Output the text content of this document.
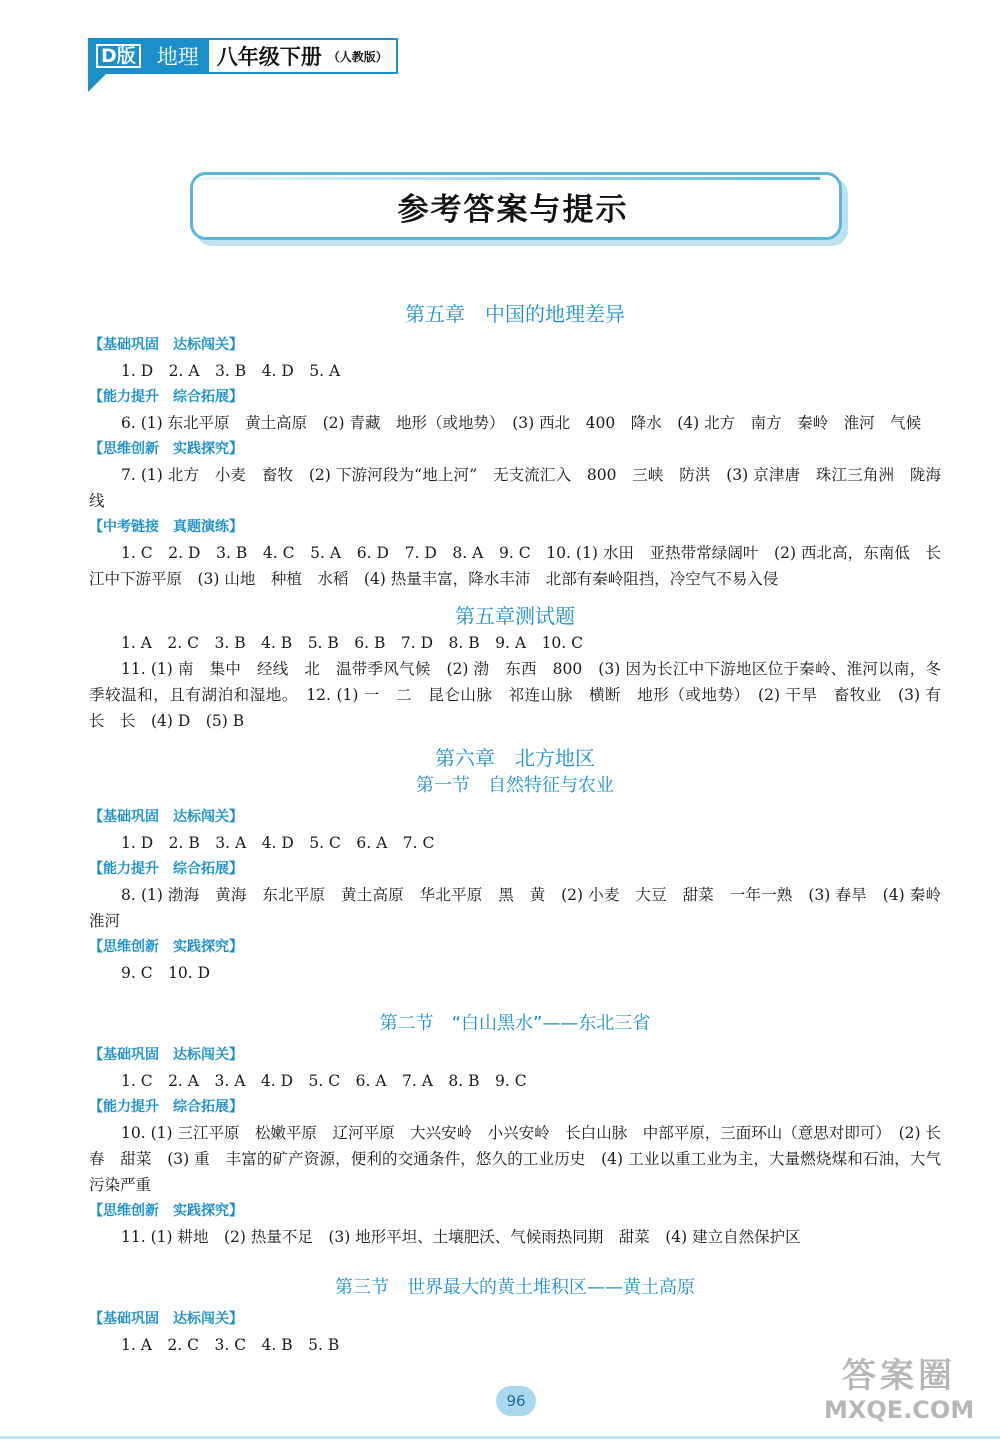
D版	地理 八年级下册 （人教版）
参考答案与提示
第五章　中国的地理差异
【基础巩固　达标闯关】
1. D　2. A　3. B　4. D　5. A
【能力提升　综合拓展】
6. (1) 东北平原　黄土高原　(2) 青藏　地形（或地势）　(3) 西北　400　降水　(4) 北方　南方　秦岭　淮河　气候
【思维创新　实践探究】
7. (1) 北方　小麦　畜牧　(2) 下游河段为“地上河”　无支流汇入　800　三峡　防洪　(3) 京津唐　珠江三角洲　陇海线
【中考链接　真题演练】
1. C　2. D　3. B　4. C　5. A　6. D　7. D　8. A　9. C　10. (1) 水田　亚热带常绿阔叶　(2) 西北高，东南低　长江中下游平原　(3) 山地　种植　水稻　(4) 热量丰富，降水丰沛　北部有秦岭阻挡，冷空气不易入侵
第五章测试题
1. A　2. C　3. B　4. B　5. B　6. B　7. D　8. B　9. A　10. C
11. (1) 南　集中　经线　北　温带季风气候　(2) 渤　东西　800　(3) 因为长江中下游地区位于秦岭、淮河以南，冬季较温和，且有湖泊和湿地。　12. (1) 一　二　昆仑山脉　祁连山脉　横断　地形（或地势）　(2) 干旱　畜牧业　(3) 有　长　长　(4) D　(5) B
第六章　北方地区
第一节　自然特征与农业
【基础巩固　达标闯关】
1. D　2. B　3. A　4. D　5. C　6. A　7. C
【能力提升　综合拓展】
8. (1) 渤海　黄海　东北平原　黄土高原　华北平原　黑　黄　(2) 小麦　大豆　甜菜　一年一熟　(3) 春旱　(4) 秦岭　淮河
【思维创新　实践探究】
9. C　10. D
第二节　“白山黑水”——东北三省
【基础巩固　达标闯关】
1. C　2. A　3. A　4. D　5. C　6. A　7. A　8. B　9. C
【能力提升　综合拓展】
10. (1) 三江平原　松嫩平原　辽河平原　大兴安岭　小兴安岭　长白山脉　中部平原，三面环山（意思对即可）　(2) 长春　甜菜　(3) 重　丰富的矿产资源，便利的交通条件，悠久的工业历史　(4) 工业以重工业为主，大量燃烧煤和石油，大气污染严重
【思维创新　实践探究】
11. (1) 耕地　(2) 热量不足　(3) 地形平坦、土壤肥沃、气候雨热同期　甜菜　(4) 建立自然保护区
第三节　世界最大的黄土堆积区——黄土高原
【基础巩固　达标闯关】
1. A　2. C　3. C　4. B　5. B
96
答案圈
MXQE.COM
